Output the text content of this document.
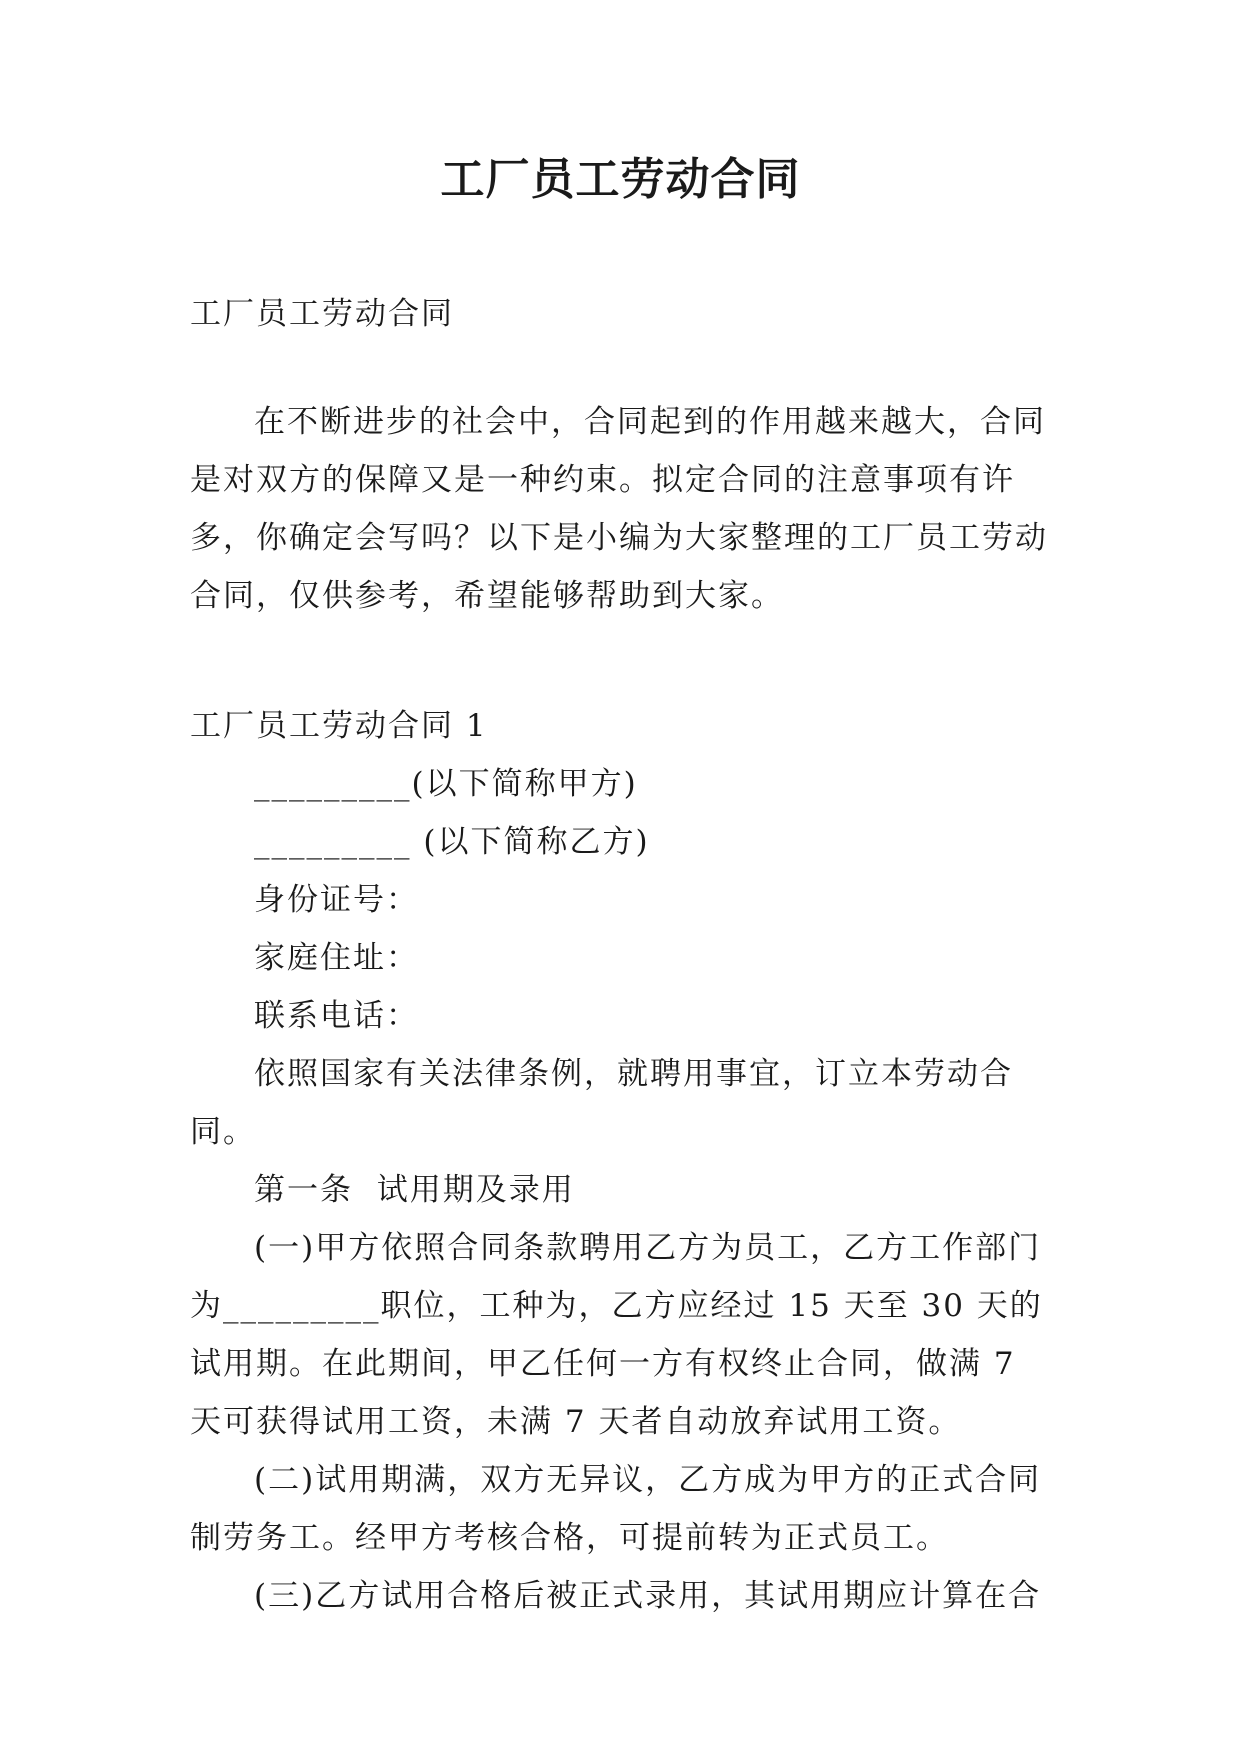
工厂员工劳动合同

工厂员工劳动合同

在不断进步的社会中，合同起到的作用越来越大，合同是对双方的保障又是一种约束。拟定合同的注意事项有许多，你确定会写吗？以下是小编为大家整理的工厂员工劳动合同，仅供参考，希望能够帮助到大家。

工厂员工劳动合同 1

_________(以下简称甲方)

_________ (以下简称乙方)

身份证号：

家庭住址：

联系电话：

依照国家有关法律条例，就聘用事宜，订立本劳动合同。

第一条  试用期及录用

(一)甲方依照合同条款聘用乙方为员工，乙方工作部门为_________职位，工种为，乙方应经过 15 天至 30 天的试用期。在此期间，甲乙任何一方有权终止合同，做满 7 天可获得试用工资，未满 7 天者自动放弃试用工资。

(二)试用期满，双方无异议，乙方成为甲方的正式合同制劳务工。经甲方考核合格，可提前转为正式员工。

(三)乙方试用合格后被正式录用，其试用期应计算在合
